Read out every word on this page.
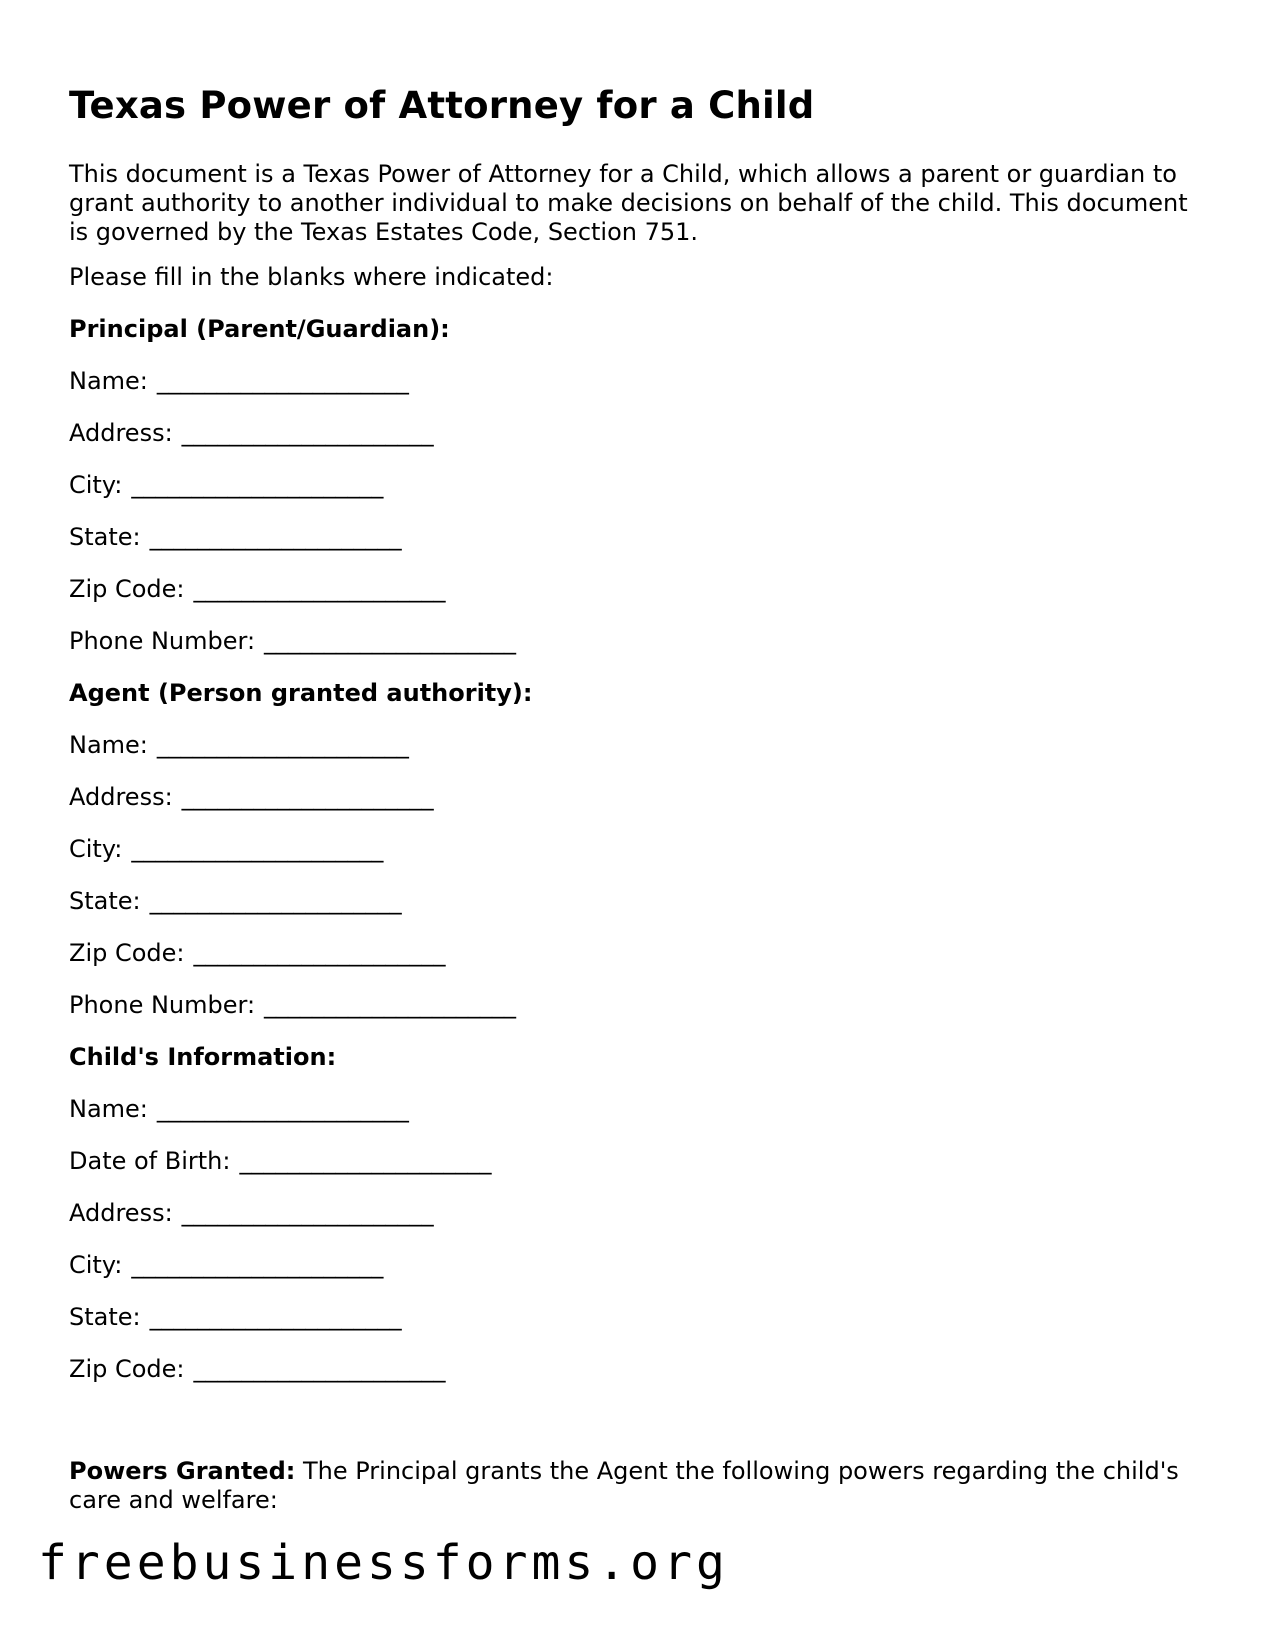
Texas Power of Attorney for a Child

This document is a Texas Power of Attorney for a Child, which allows a parent or guardian to grant authority to another individual to make decisions on behalf of the child. This document is governed by the Texas Estates Code, Section 751.

Please fill in the blanks where indicated:

Principal (Parent/Guardian):
Name: _____________________
Address: _____________________
City: _____________________
State: _____________________
Zip Code: _____________________
Phone Number: _____________________
Agent (Person granted authority):
Name: _____________________
Address: _____________________
City: _____________________
State: _____________________
Zip Code: _____________________
Phone Number: _____________________
Child's Information:
Name: _____________________
Date of Birth: _____________________
Address: _____________________
City: _____________________
State: _____________________
Zip Code: _____________________

Powers Granted: The Principal grants the Agent the following powers regarding the child's care and welfare:

freebusinessforms.org
